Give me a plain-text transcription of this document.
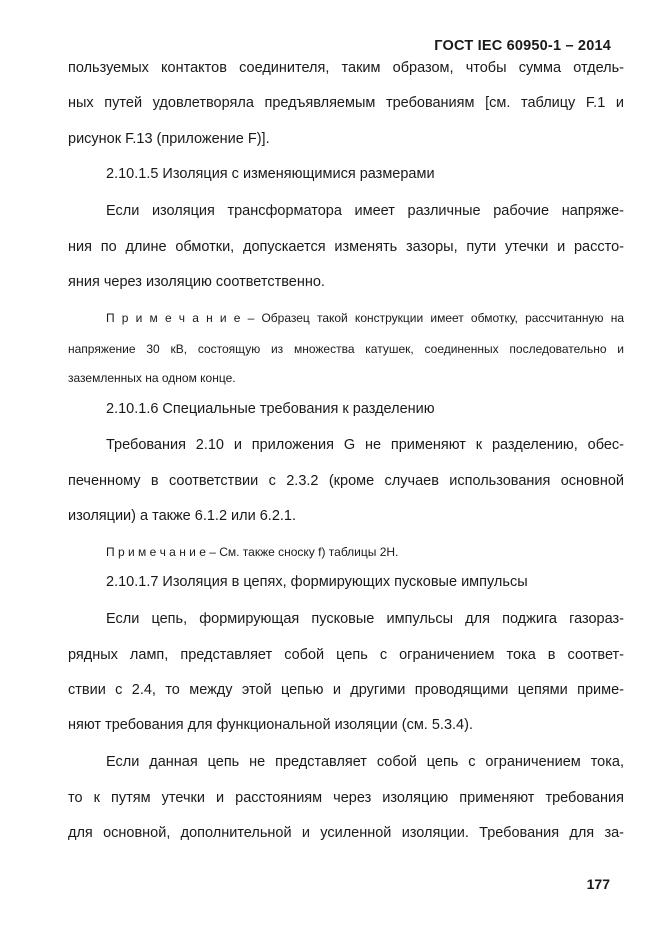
ГОСТ IEC 60950-1 – 2014
пользуемых контактов соединителя, таким образом, чтобы сумма отдель-
ных путей удовлетворяла предъявляемым требованиям [см. таблицу F.1 и
рисунок F.13 (приложение F)].
2.10.1.5 Изоляция с изменяющимися размерами
Если изоляция трансформатора имеет различные рабочие напряже-
ния по длине обмотки, допускается изменять зазоры, пути утечки и рассто-
яния через изоляцию соответственно.
П р и м е ч а н и е – Образец такой конструкции имеет обмотку, рассчитанную на
напряжение 30 кВ, состоящую из множества катушек, соединенных последовательно и
заземленных на одном конце.
2.10.1.6 Специальные требования к разделению
Требования 2.10 и приложения G не применяют к разделению, обес-
печенному в соответствии с 2.3.2 (кроме случаев использования основной
изоляции) а также 6.1.2 или 6.2.1.
П р и м е ч а н и е – См. также сноску f) таблицы 2Н.
2.10.1.7 Изоляция в цепях, формирующих пусковые импульсы
Если цепь, формирующая пусковые импульсы для поджига газораз-
рядных ламп, представляет собой цепь с ограничением тока в соответ-
ствии с 2.4, то между этой цепью и другими проводящими цепями приме-
няют требования для функциональной изоляции (см. 5.3.4).
Если данная цепь не представляет собой цепь с ограничением тока,
то к путям утечки и расстояниям через изоляцию применяют требования
для основной, дополнительной и усиленной изоляции. Требования для за-
177
